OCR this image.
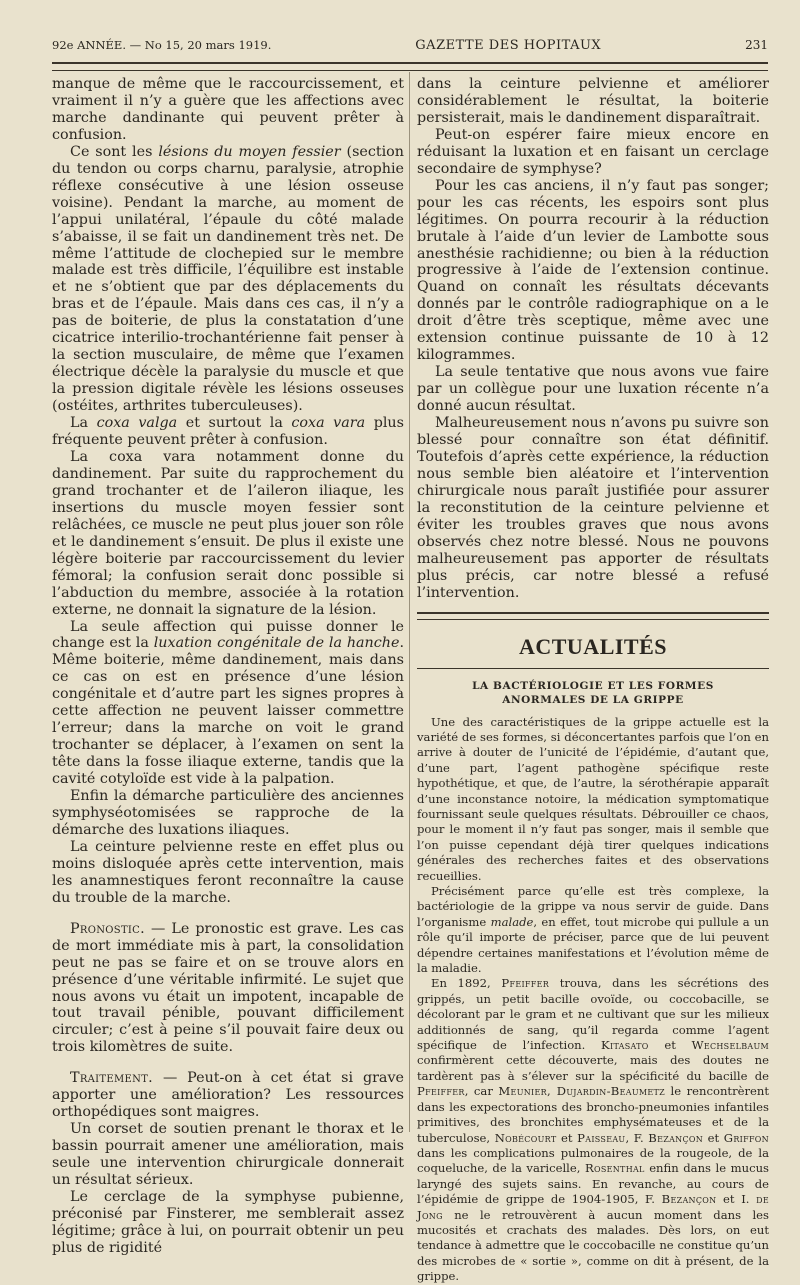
92e ANNÉE. — No 15, 20 mars 1919.	GAZETTE DES HOPITAUX	231

manque de même que le raccourcissement, et vraiment il n’y a guère que les affections avec marche dandinante qui peuvent prêter à confusion.

Ce sont les lésions du moyen fessier (section du tendon ou corps charnu, paralysie, atrophie réflexe consécutive à une lésion osseuse voisine). Pendant la marche, au moment de l’appui unilatéral, l’épaule du côté malade s’abaisse, il se fait un dandinement très net. De même l’attitude de clochepied sur le membre malade est très difficile, l’équilibre est instable et ne s’obtient que par des déplacements du bras et de l’épaule. Mais dans ces cas, il n’y a pas de boiterie, de plus la constatation d’une cicatrice interilio-trochantérienne fait penser à la section musculaire, de même que l’examen électrique décèle la paralysie du muscle et que la pression digitale révèle les lésions osseuses (ostéites, arthrites tuberculeuses).

La coxa valga et surtout la coxa vara plus fréquente peuvent prêter à confusion.

La coxa vara notamment donne du dandinement. Par suite du rapprochement du grand trochanter et de l’aileron iliaque, les insertions du muscle moyen fessier sont relâchées, ce muscle ne peut plus jouer son rôle et le dandinement s’ensuit. De plus il existe une légère boiterie par raccourcissement du levier fémoral; la confusion serait donc possible si l’abduction du membre, associée à la rotation externe, ne donnait la signature de la lésion.

La seule affection qui puisse donner le change est la luxation congénitale de la hanche. Même boiterie, même dandinement, mais dans ce cas on est en présence d’une lésion congénitale et d’autre part les signes propres à cette affection ne peuvent laisser commettre l’erreur; dans la marche on voit le grand trochanter se déplacer, à l’examen on sent la tête dans la fosse iliaque externe, tandis que la cavité cotyloïde est vide à la palpation.

Enfin la démarche particulière des anciennes symphyséotomisées se rapproche de la démarche des luxations iliaques.

La ceinture pelvienne reste en effet plus ou moins disloquée après cette intervention, mais les anamnestiques feront reconnaître la cause du trouble de la marche.

Pronostic. — Le pronostic est grave. Les cas de mort immédiate mis à part, la consolidation peut ne pas se faire et on se trouve alors en présence d’une véritable infirmité. Le sujet que nous avons vu était un impotent, incapable de tout travail pénible, pouvant difficilement circuler; c’est à peine s’il pouvait faire deux ou trois kilomètres de suite.

Traitement. — Peut-on à cet état si grave apporter une amélioration? Les ressources orthopédiques sont maigres.

Un corset de soutien prenant le thorax et le bassin pourrait amener une amélioration, mais seule une intervention chirurgicale donnerait un résultat sérieux.

Le cerclage de la symphyse pubienne, préconisé par Finsterer, me semblerait assez légitime; grâce à lui, on pourrait obtenir un peu plus de rigidité

dans la ceinture pelvienne et améliorer considérablement le résultat, la boiterie persisterait, mais le dandinement disparaîtrait.

Peut-on espérer faire mieux encore en réduisant la luxation et en faisant un cerclage secondaire de symphyse?

Pour les cas anciens, il n’y faut pas songer; pour les cas récents, les espoirs sont plus légitimes. On pourra recourir à la réduction brutale à l’aide d’un levier de Lambotte sous anesthésie rachidienne; ou bien à la réduction progressive à l’aide de l’extension continue. Quand on connaît les résultats décevants donnés par le contrôle radiographique on a le droit d’être très sceptique, même avec une extension continue puissante de 10 à 12 kilogrammes.

La seule tentative que nous avons vue faire par un collègue pour une luxation récente n’a donné aucun résultat.

Malheureusement nous n’avons pu suivre son blessé pour connaître son état définitif. Toutefois d’après cette expérience, la réduction nous semble bien aléatoire et l’intervention chirurgicale nous paraît justifiée pour assurer la reconstitution de la ceinture pelvienne et éviter les troubles graves que nous avons observés chez notre blessé. Nous ne pouvons malheureusement pas apporter de résultats plus précis, car notre blessé a refusé l’intervention.

ACTUALITÉS
LA BACTÉRIOLOGIE ET LES FORMES ANORMALES DE LA GRIPPE

Une des caractéristiques de la grippe actuelle est la variété de ses formes, si déconcertantes parfois que l’on en arrive à douter de l’unicité de l’épidémie, d’autant que, d’une part, l’agent pathogène spécifique reste hypothétique, et que, de l’autre, la sérothérapie apparaît d’une inconstance notoire, la médication symptomatique fournissant seule quelques résultats. Débrouiller ce chaos, pour le moment il n’y faut pas songer, mais il semble que l’on puisse cependant déjà tirer quelques indications générales des recherches faites et des observations recueillies.

Précisément parce qu’elle est très complexe, la bactériologie de la grippe va nous servir de guide. Dans l’organisme malade, en effet, tout microbe qui pullule a un rôle qu’il importe de préciser, parce que de lui peuvent dépendre certaines manifestations et l’évolution même de la maladie.

En 1892, Pfeiffer trouva, dans les sécrétions des grippés, un petit bacille ovoïde, ou coccobacille, se décolorant par le gram et ne cultivant que sur les milieux additionnés de sang, qu’il regarda comme l’agent spécifique de l’infection. Kitasato et Wechselbaum confirmèrent cette découverte, mais des doutes ne tardèrent pas à s’élever sur la spécificité du bacille de Pfeiffer, car Meunier, Dujardin-Beaumetz le rencontrèrent dans les expectorations des broncho-pneumonies infantiles primitives, des bronchites emphysémateuses et de la tuberculose, Nobécourt et Paisseau, F. Bezançon et Griffon dans les complications pulmonaires de la rougeole, de la coqueluche, de la varicelle, Rosenthal enfin dans le mucus laryngé des sujets sains. En revanche, au cours de l’épidémie de grippe de 1904-1905, F. Bezançon et I. de Jong ne le retrouvèrent à aucun moment dans les mucosités et crachats des malades. Dès lors, on eut tendance à admettre que le coccobacille ne constitue qu’un des microbes de « sortie », comme on dit à présent, de la grippe.
